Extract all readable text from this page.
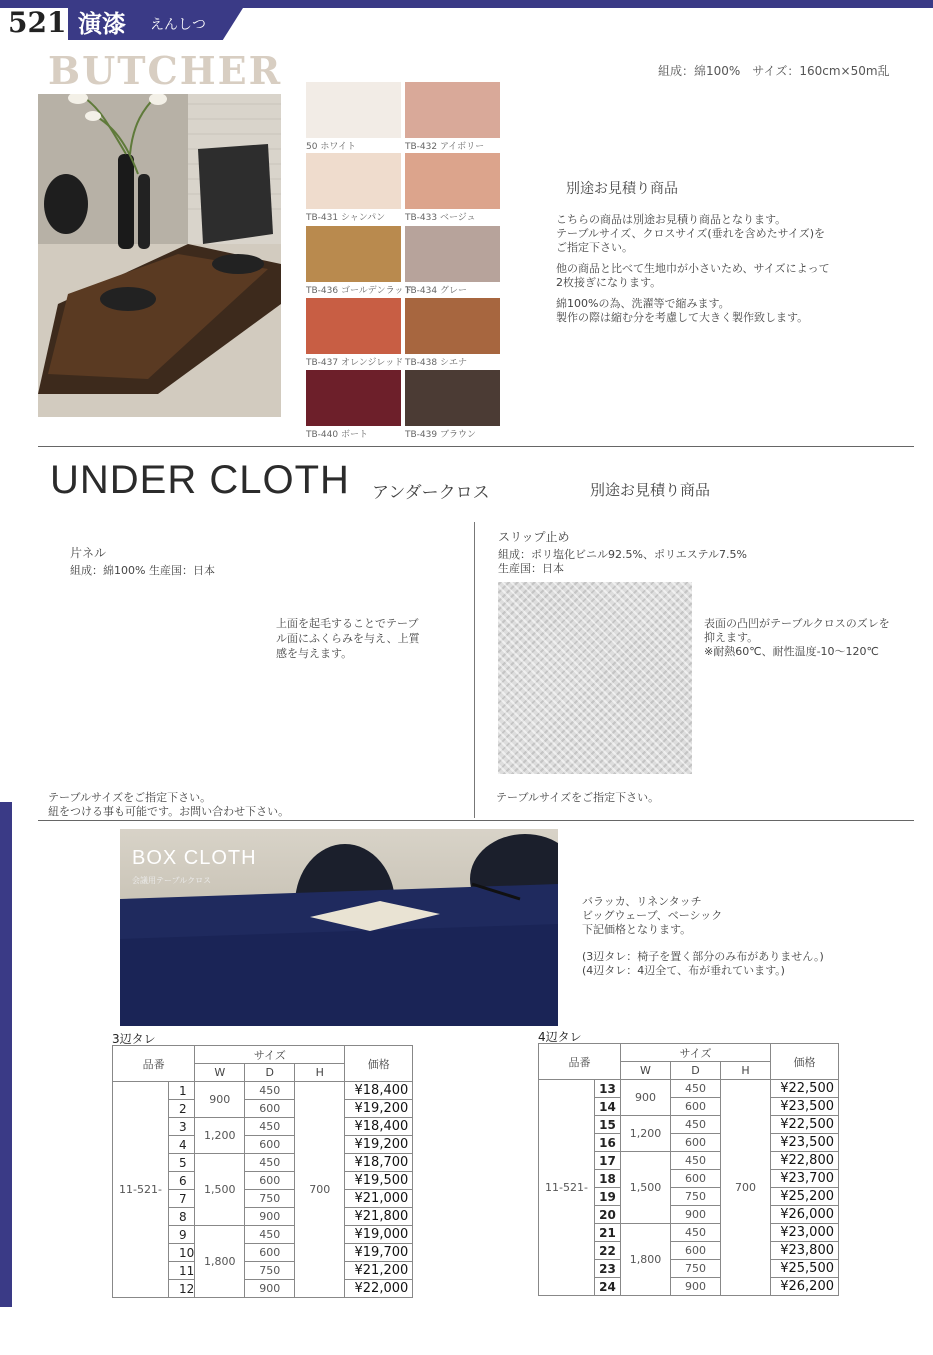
521 演漆 えんしつ
BUTCHER	組成：綿100%　サイズ：160cm×50m乱
50 ホワイト	TB-432 アイボリー
TB-431 シャンパン TB-433 ベージュ
TB-436 ゴールデンラッド
TB-434 グレー
TB-437 オレンジレッド TB-438 シエナ
TB-440 ボート	TB-439 ブラウン
別途お見積り商品
こちらの商品は別途お見積り商品となります。
テーブルサイズ、クロスサイズ(垂れを含めたサイズ)を
ご指定下さい。
他の商品と比べて生地巾が小さいため、サイズによって
2枚接ぎになります。
綿100%の為、洗濯等で縮みます。
製作の際は縮む分を考慮して大きく製作致します。
UNDER CLOTH アンダークロス	別途お見積り商品
片ネル
組成：綿100% 生産国：日本
上面を起毛することでテーブ
ル面にふくらみを与え、上質
感を与えます。
テーブルサイズをご指定下さい。
紐をつける事も可能です。お問い合わせ下さい。
スリップ止め
組成：ポリ塩化ビニル92.5%、ポリエステル7.5%
生産国：日本
表面の凸凹がテーブルクロスのズレを
抑えます。
※耐熱60℃、耐性温度-10～120℃
テーブルサイズをご指定下さい。
BOX CLOTH
会議用テーブルクロス
バラッカ、リネンタッチ
ビッグウェーブ、ベーシック
下記価格となります。
(3辺タレ：椅子を置く部分のみ布がありません。)
(4辺タレ：4辺全て、布が垂れています。)
3辺タレ	4辺タレ
品番		サイズ			価格
		W	D	H	
11-521-	1	900	450	700	¥18,400
	2		600		¥19,200
	3	1,200	450		¥18,400
	4		600		¥19,200
	5	1,500	450		¥18,700
	6		600		¥19,500
	7		750		¥21,000
	8		900		¥21,800
	9	1,800	450		¥19,000
	10		600		¥19,700
	11		750		¥21,200
	12		900		¥22,000
品番		サイズ			価格
		W	D	H	
11-521-	13	900	450	700	¥22,500
	14		600		¥23,500
	15	1,200	450		¥22,500
	16		600		¥23,500
	17	1,500	450		¥22,800
	18		600		¥23,700
	19		750		¥25,200
	20		900		¥26,000
	21	1,800	450		¥23,000
	22		600		¥23,800
	23		750		¥25,500
	24		900		¥26,200
